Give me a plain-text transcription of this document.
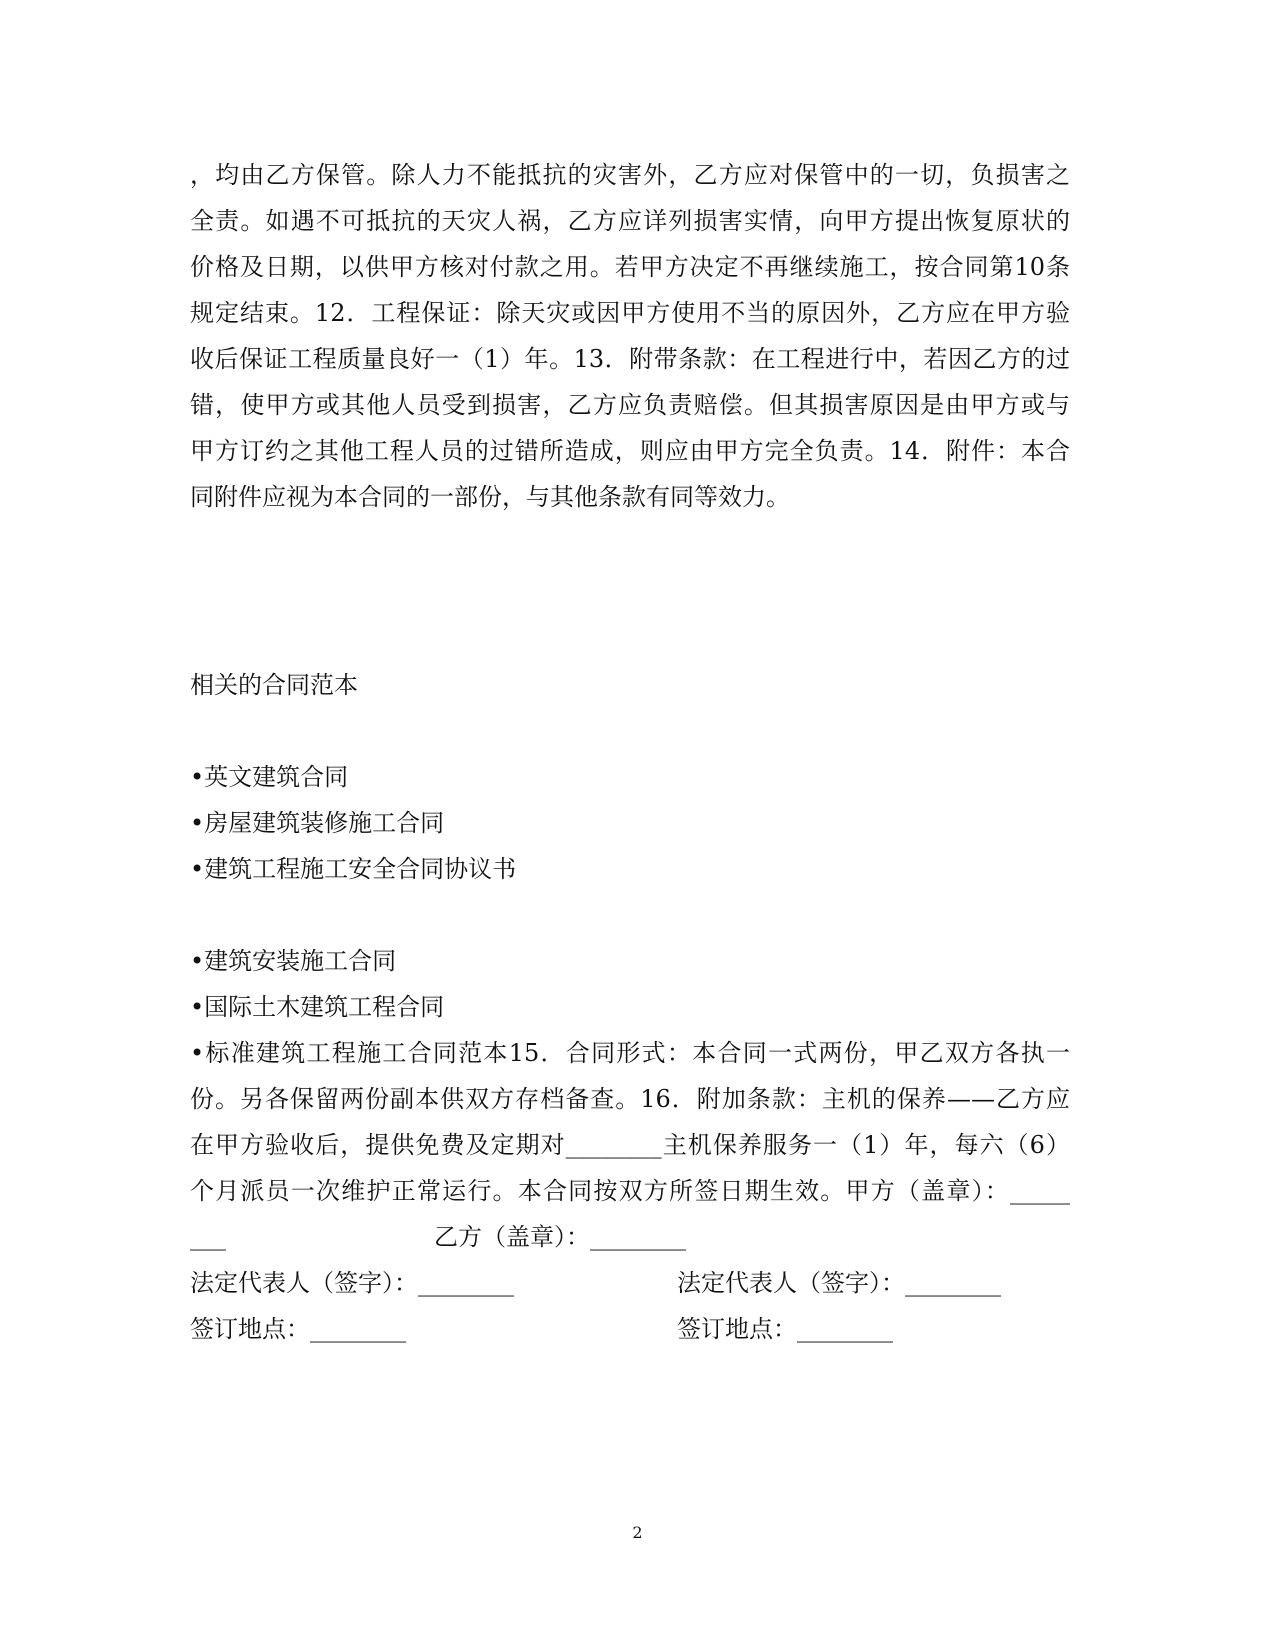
，均由乙方保管。除人力不能抵抗的灾害外，乙方应对保管中的一切，负损害之
全责。如遇不可抵抗的天灾人祸，乙方应详列损害实情，向甲方提出恢复原状的
价格及日期，以供甲方核对付款之用。若甲方决定不再继续施工，按合同第10条
规定结束。12．工程保证：除天灾或因甲方使用不当的原因外，乙方应在甲方验
收后保证工程质量良好一（1）年。13．附带条款：在工程进行中，若因乙方的过
错，使甲方或其他人员受到损害，乙方应负责赔偿。但其损害原因是由甲方或与
甲方订约之其他工程人员的过错所造成，则应由甲方完全负责。14．附件：本合
同附件应视为本合同的一部份，与其他条款有同等效力。
相关的合同范本
•英文建筑合同
•房屋建筑装修施工合同
•建筑工程施工安全合同协议书
•建筑安装施工合同
•国际土木建筑工程合同
•标准建筑工程施工合同范本15．合同形式：本合同一式两份，甲乙双方各执一
份。另各保留两份副本供双方存档备查。16．附加条款：主机的保养——乙方应
在甲方验收后，提供免费及定期对________主机保养服务一（1）年，每六（6）
个月派员一次维护正常运行。本合同按双方所签日期生效。甲方（盖章）：_____
___	乙方（盖章）：________
法定代表人（签字）：________	法定代表人（签字）：________
签订地点：________	签订地点：________
2
